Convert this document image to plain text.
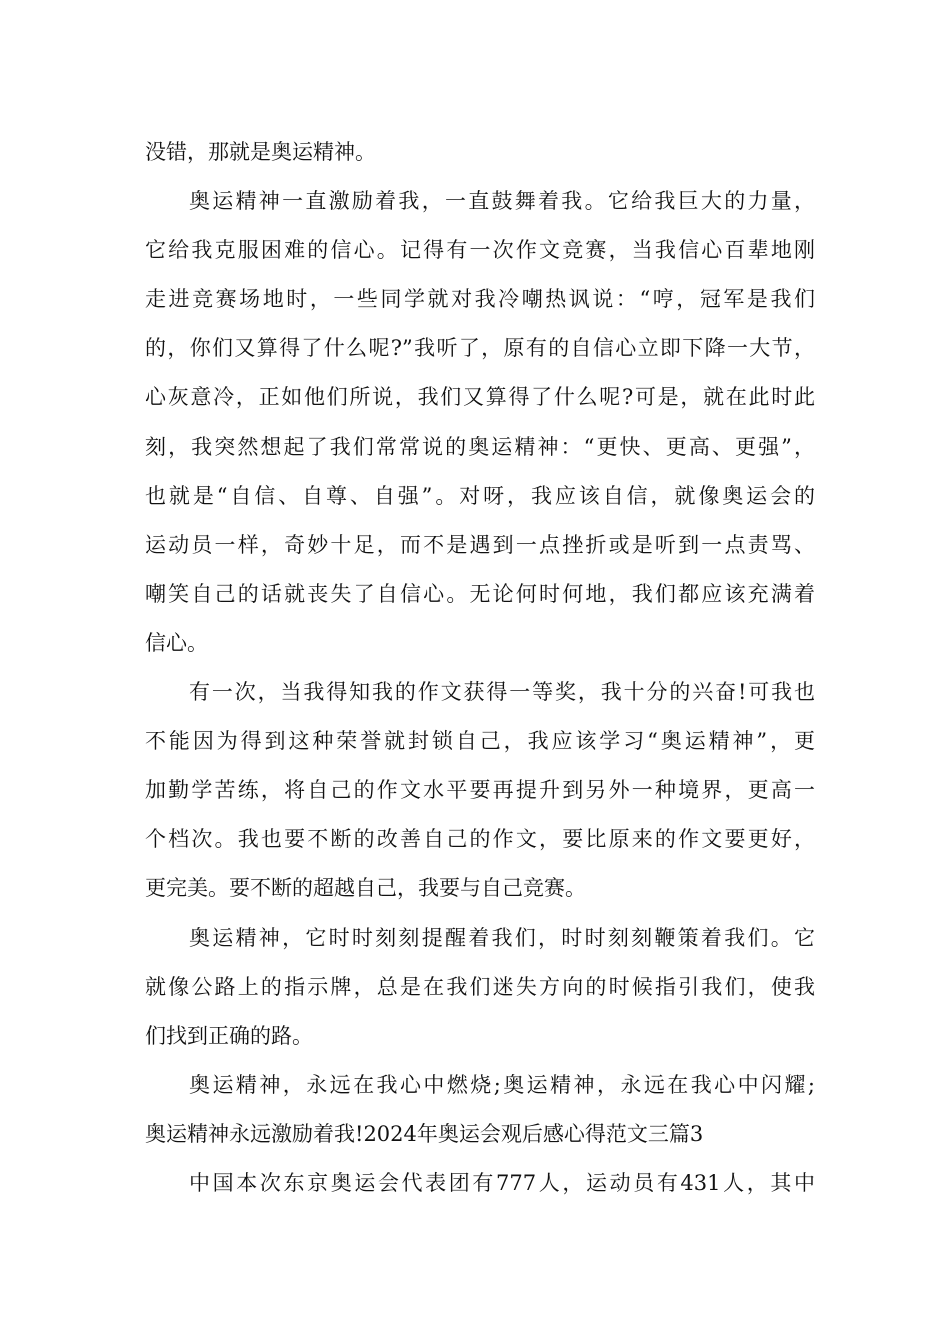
没错，那就是奥运精神。
奥运精神一直激励着我，一直鼓舞着我。它给我巨大的力量，
它给我克服困难的信心。记得有一次作文竞赛，当我信心百辈地刚
走进竞赛场地时，一些同学就对我冷嘲热讽说：“哼，冠军是我们
的，你们又算得了什么呢?”我听了，原有的自信心立即下降一大节，
心灰意冷，正如他们所说，我们又算得了什么呢?可是，就在此时此
刻，我突然想起了我们常常说的奥运精神：“更快、更高、更强”，
也就是“自信、自尊、自强”。对呀，我应该自信，就像奥运会的
运动员一样，奇妙十足，而不是遇到一点挫折或是听到一点责骂、
嘲笑自己的话就丧失了自信心。无论何时何地，我们都应该充满着
信心。
有一次，当我得知我的作文获得一等奖，我十分的兴奋!可我也
不能因为得到这种荣誉就封锁自己，我应该学习“奥运精神”，更
加勤学苦练，将自己的作文水平要再提升到另外一种境界，更高一
个档次。我也要不断的改善自己的作文，要比原来的作文要更好，
更完美。要不断的超越自己，我要与自己竞赛。
奥运精神，它时时刻刻提醒着我们，时时刻刻鞭策着我们。它
就像公路上的指示牌，总是在我们迷失方向的时候指引我们，使我
们找到正确的路。
奥运精神，永远在我心中燃烧;奥运精神，永远在我心中闪耀;
奥运精神永远激励着我!2024年奥运会观后感心得范文三篇3
中国本次东京奥运会代表团有777人，运动员有431人，其中
